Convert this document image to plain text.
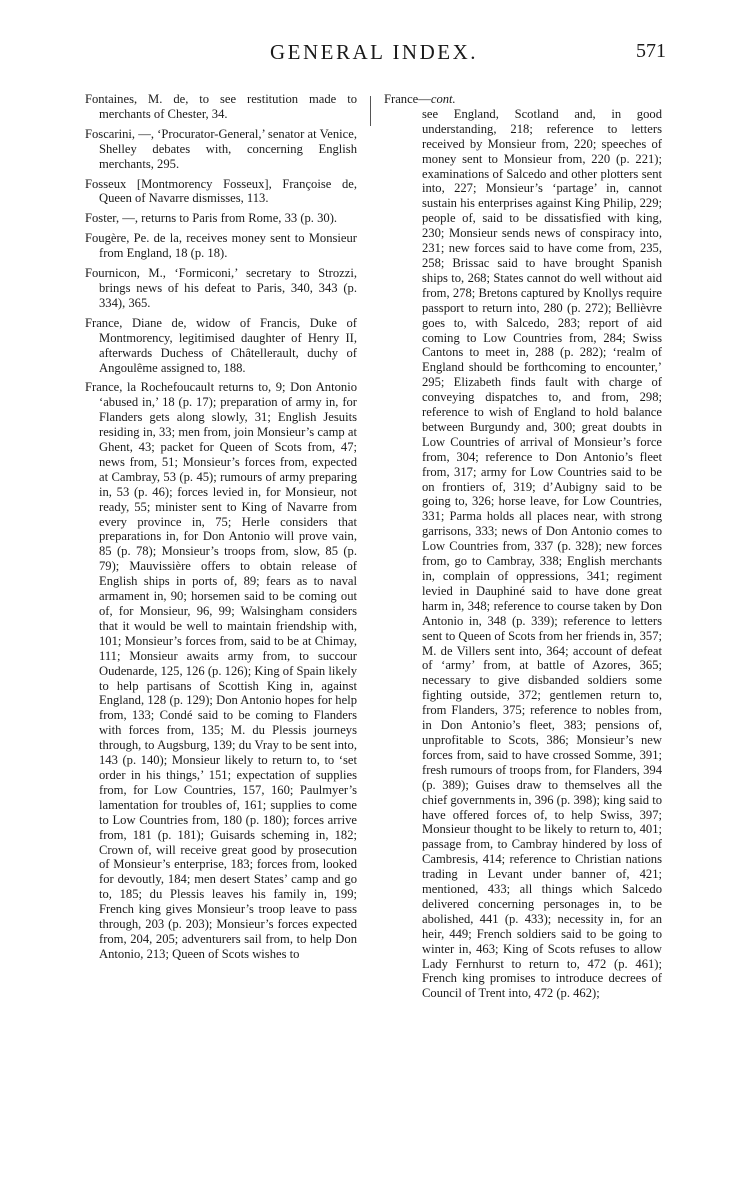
GENERAL INDEX.	571

Fontaines, M. de, to see restitution made to merchants of Chester, 34.

Foscarini, —, ‘Procurator-General,’ senator at Venice, Shelley debates with, concerning English merchants, 295.

Fosseux [Montmorency Fosseux], Françoise de, Queen of Navarre dismisses, 113.

Foster, —, returns to Paris from Rome, 33 (p. 30).

Fougère, Pe. de la, receives money sent to Monsieur from England, 18 (p. 18).

Fournicon, M., ‘Formiconi,’ secretary to Strozzi, brings news of his defeat to Paris, 340, 343 (p. 334), 365.

France, Diane de, widow of Francis, Duke of Montmorency, legitimised daughter of Henry II, afterwards Duchess of Châtellerault, duchy of Angoulême assigned to, 188.

France, la Rochefoucault returns to, 9; Don Antonio ‘abused in,’ 18 (p. 17); preparation of army in, for Flanders gets along slowly, 31; English Jesuits residing in, 33; men from, join Monsieur’s camp at Ghent, 43; packet for Queen of Scots from, 47; news from, 51; Monsieur’s forces from, expected at Cambray, 53 (p. 45); rumours of army preparing in, 53 (p. 46); forces levied in, for Monsieur, not ready, 55; minister sent to King of Navarre from every province in, 75; Herle considers that preparations in, for Don Antonio will prove vain, 85 (p. 78); Monsieur’s troops from, slow, 85 (p. 79); Mauvissière offers to obtain release of English ships in ports of, 89; fears as to naval armament in, 90; horsemen said to be coming out of, for Monsieur, 96, 99; Walsingham considers that it would be well to maintain friendship with, 101; Monsieur’s forces from, said to be at Chimay, 111; Monsieur awaits army from, to succour Oudenarde, 125, 126 (p. 126); King of Spain likely to help partisans of Scottish King in, against England, 128 (p. 129); Don Antonio hopes for help from, 133; Condé said to be coming to Flanders with forces from, 135; M. du Plessis journeys through, to Augsburg, 139; du Vray to be sent into, 143 (p. 140); Monsieur likely to return to, to ‘set order in his things,’ 151; expectation of supplies from, for Low Countries, 157, 160; Paulmyer’s lamentation for troubles of, 161; supplies to come to Low Countries from, 180 (p. 180); forces arrive from, 181 (p. 181); Guisards scheming in, 182; Crown of, will receive great good by prosecution of Monsieur’s enterprise, 183; forces from, looked for devoutly, 184; men desert States’ camp and go to, 185; du Plessis leaves his family in, 199; French king gives Monsieur’s troop leave to pass through, 203 (p. 203); Monsieur’s forces expected from, 204, 205; adventurers sail from, to help Don Antonio, 213; Queen of Scots wishes to

France—cont.

see England, Scotland and, in good understanding, 218; reference to letters received by Monsieur from, 220; speeches of money sent to Monsieur from, 220 (p. 221); examinations of Salcedo and other plotters sent into, 227; Monsieur’s ‘partage’ in, cannot sustain his enterprises against King Philip, 229; people of, said to be dissatisfied with king, 230; Monsieur sends news of conspiracy into, 231; new forces said to have come from, 235, 258; Brissac said to have brought Spanish ships to, 268; States cannot do well without aid from, 278; Bretons captured by Knollys require passport to return into, 280 (p. 272); Bellièvre goes to, with Salcedo, 283; report of aid coming to Low Countries from, 284; Swiss Cantons to meet in, 288 (p. 282); ‘realm of England should be forthcoming to encounter,’ 295; Elizabeth finds fault with charge of conveying dispatches to, and from, 298; reference to wish of England to hold balance between Burgundy and, 300; great doubts in Low Countries of arrival of Monsieur’s force from, 304; reference to Don Antonio’s fleet from, 317; army for Low Countries said to be on frontiers of, 319; d’Aubigny said to be going to, 326; horse leave, for Low Countries, 331; Parma holds all places near, with strong garrisons, 333; news of Don Antonio comes to Low Countries from, 337 (p. 328); new forces from, go to Cambray, 338; English merchants in, complain of oppressions, 341; regiment levied in Dauphiné said to have done great harm in, 348; reference to course taken by Don Antonio in, 348 (p. 339); reference to letters sent to Queen of Scots from her friends in, 357; M. de Villers sent into, 364; account of defeat of ‘army’ from, at battle of Azores, 365; necessary to give disbanded soldiers some fighting outside, 372; gentlemen return to, from Flanders, 375; reference to nobles from, in Don Antonio’s fleet, 383; pensions of, unprofitable to Scots, 386; Monsieur’s new forces from, said to have crossed Somme, 391; fresh rumours of troops from, for Flanders, 394 (p. 389); Guises draw to themselves all the chief governments in, 396 (p. 398); king said to have offered forces of, to help Swiss, 397; Monsieur thought to be likely to return to, 401; passage from, to Cambray hindered by loss of Cambresis, 414; reference to Christian nations trading in Levant under banner of, 421; mentioned, 433; all things which Salcedo delivered concerning personages in, to be abolished, 441 (p. 433); necessity in, for an heir, 449; French soldiers said to be going to winter in, 463; King of Scots refuses to allow Lady Fernhurst to return to, 472 (p. 461); French king promises to introduce decrees of Council of Trent into, 472 (p. 462);
